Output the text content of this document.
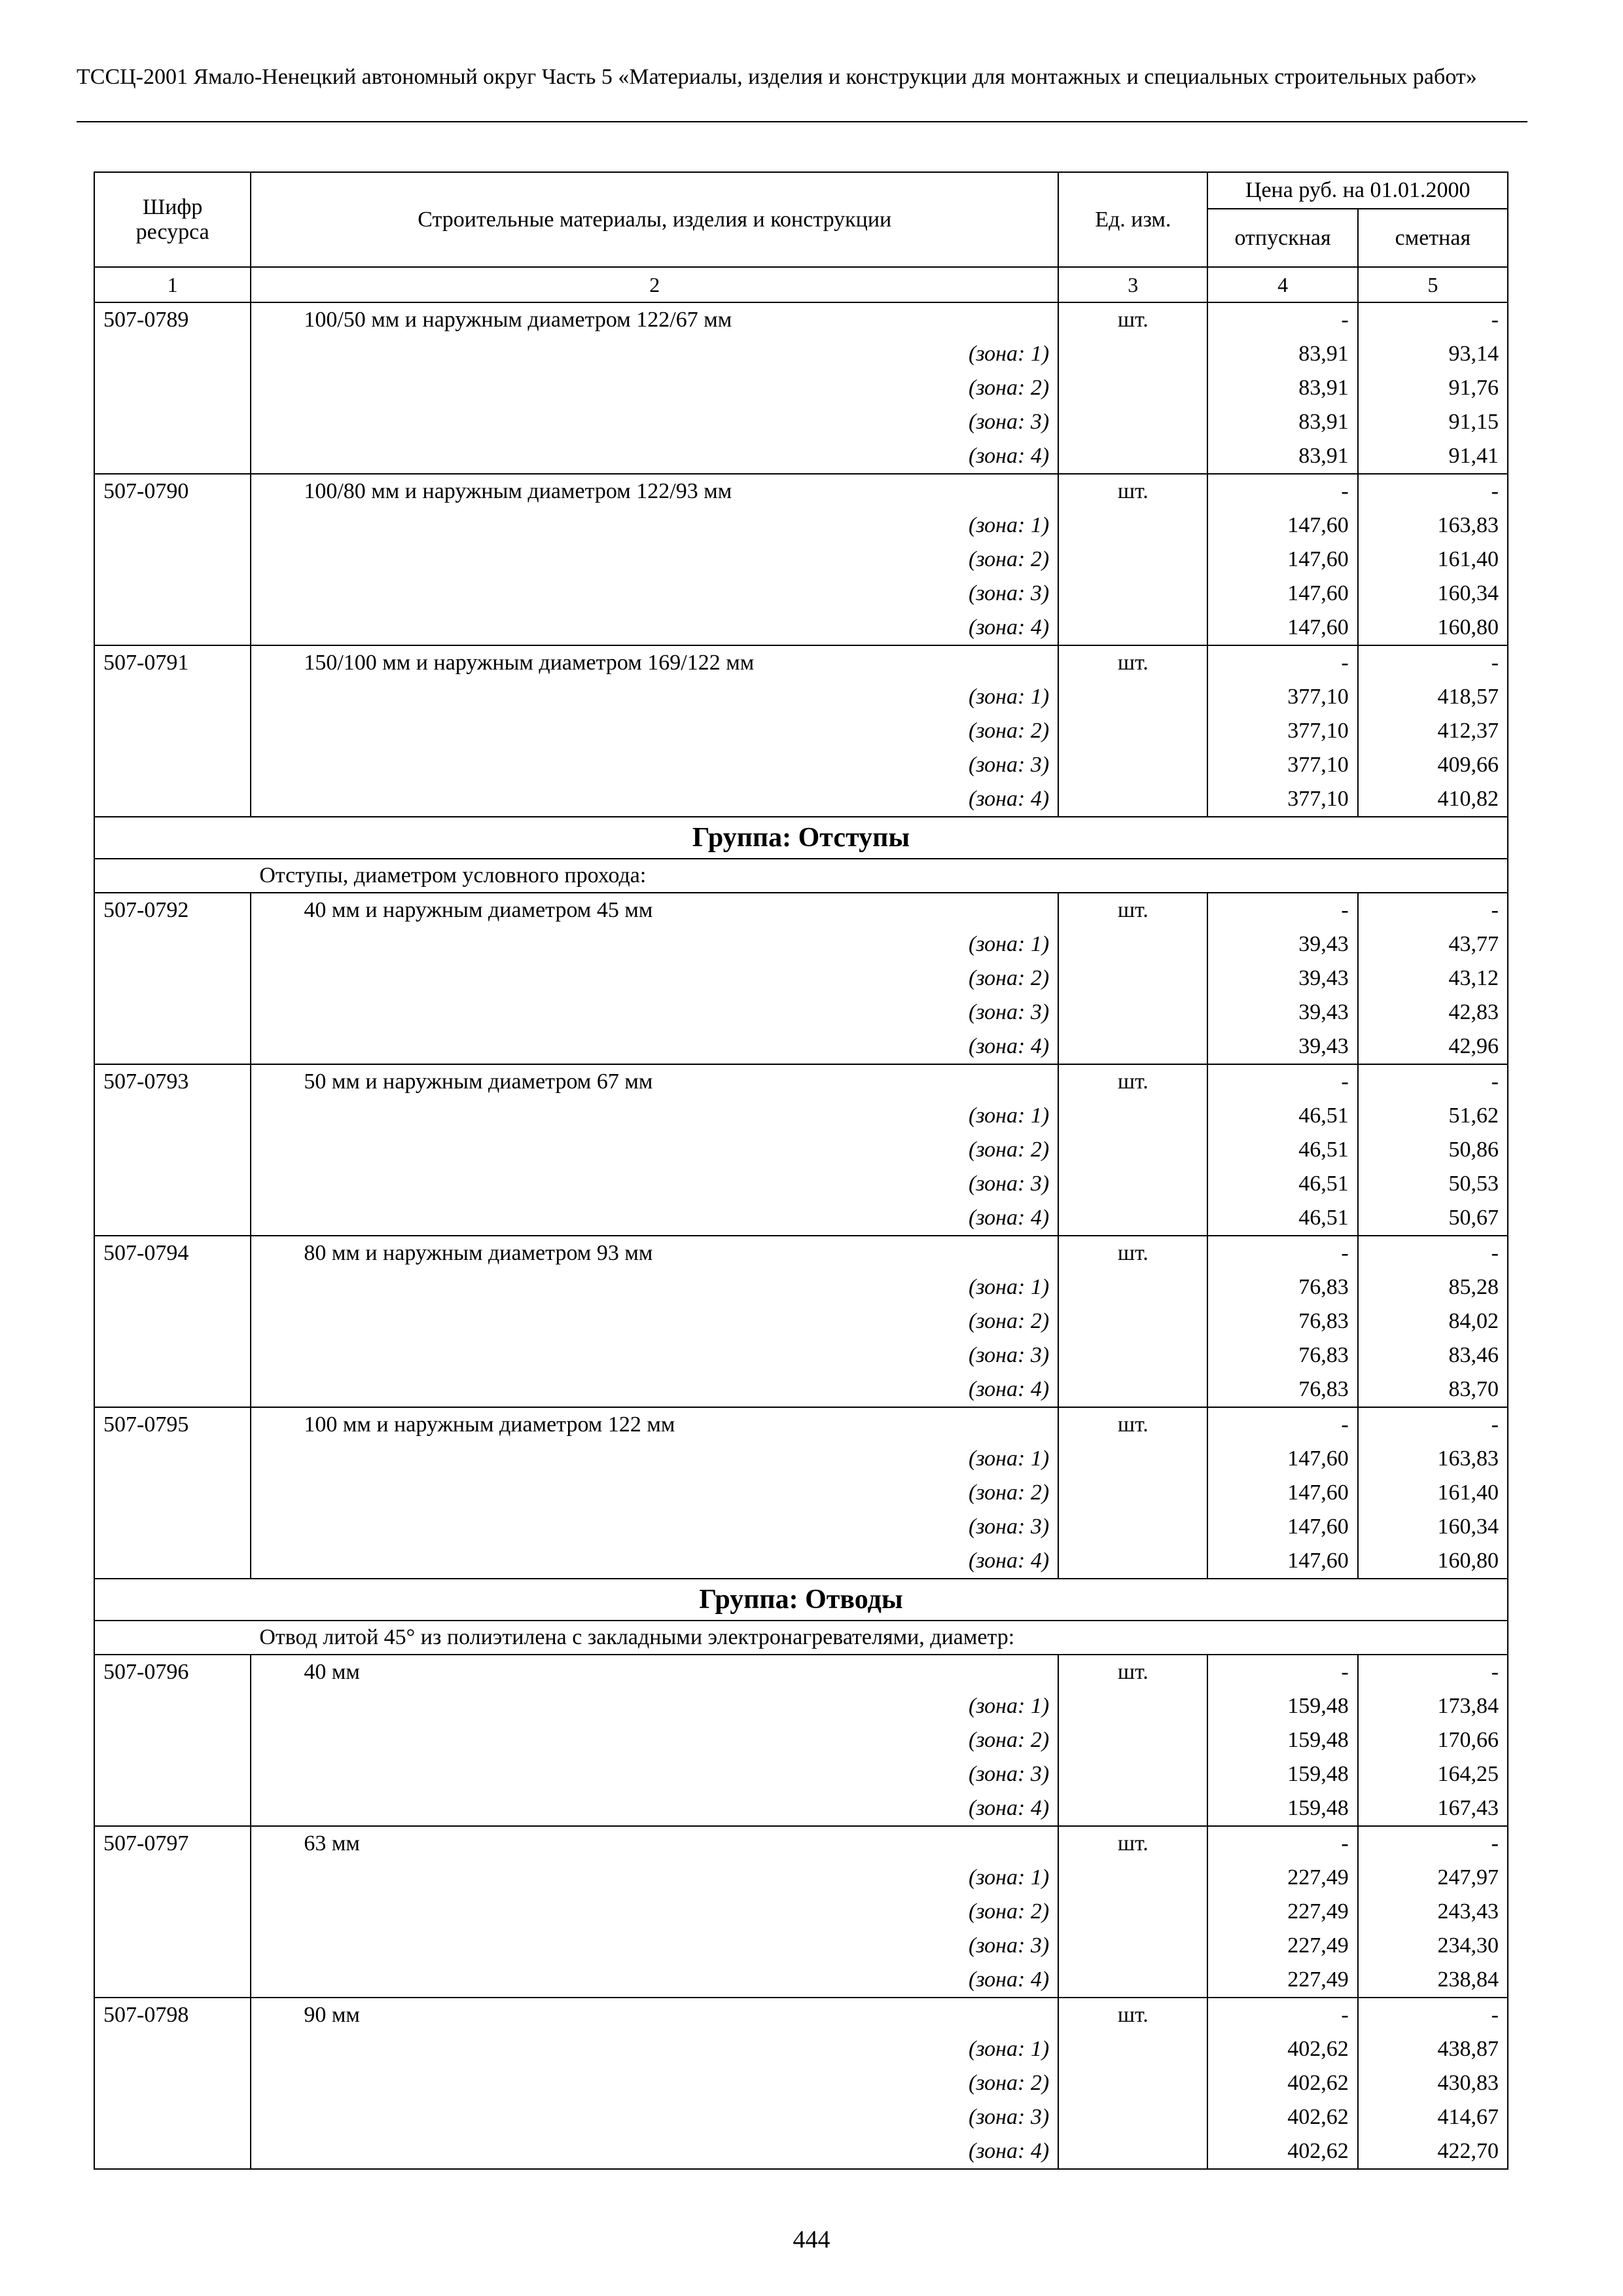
ТССЦ-2001 Ямало-Ненецкий автономный округ Часть 5 «Материалы, изделия и конструкции для монтажных и специальных строительных работ»
Шифр ресурса	Строительные материалы, изделия и конструкции	Ед. изм.	Цена руб. на 01.01.2000	
			отпускная	сметная
1	2	3	4	5
507-0789	100/50 мм и наружным диаметром 122/67 мм	шт.	-	-
	(зона: 1)		83,91	93,14
	(зона: 2)		83,91	91,76
	(зона: 3)		83,91	91,15
	(зона: 4)		83,91	91,41
507-0790	100/80 мм и наружным диаметром 122/93 мм	шт.	-	-
	(зона: 1)		147,60	163,83
	(зона: 2)		147,60	161,40
	(зона: 3)		147,60	160,34
	(зона: 4)		147,60	160,80
507-0791	150/100 мм и наружным диаметром 169/122 мм	шт.	-	-
	(зона: 1)		377,10	418,57
	(зона: 2)		377,10	412,37
	(зона: 3)		377,10	409,66
	(зона: 4)		377,10	410,82
Группа: Отступы				
	Отступы, диаметром условного прохода:			
507-0792	40 мм и наружным диаметром 45 мм	шт.	-	-
	(зона: 1)		39,43	43,77
	(зона: 2)		39,43	43,12
	(зона: 3)		39,43	42,83
	(зона: 4)		39,43	42,96
507-0793	50 мм и наружным диаметром 67 мм	шт.	-	-
	(зона: 1)		46,51	51,62
	(зона: 2)		46,51	50,86
	(зона: 3)		46,51	50,53
	(зона: 4)		46,51	50,67
507-0794	80 мм и наружным диаметром 93 мм	шт.	-	-
	(зона: 1)		76,83	85,28
	(зона: 2)		76,83	84,02
	(зона: 3)		76,83	83,46
	(зона: 4)		76,83	83,70
507-0795	100 мм и наружным диаметром 122 мм	шт.	-	-
	(зона: 1)		147,60	163,83
	(зона: 2)		147,60	161,40
	(зона: 3)		147,60	160,34
	(зона: 4)		147,60	160,80
Группа: Отводы				
	Отвод литой 45° из полиэтилена с закладными электронагревателями, диаметр:			
507-0796	40 мм	шт.	-	-
	(зона: 1)		159,48	173,84
	(зона: 2)		159,48	170,66
	(зона: 3)		159,48	164,25
	(зона: 4)		159,48	167,43
507-0797	63 мм	шт.	-	-
	(зона: 1)		227,49	247,97
	(зона: 2)		227,49	243,43
	(зона: 3)		227,49	234,30
	(зона: 4)		227,49	238,84
507-0798	90 мм	шт.	-	-
	(зона: 1)		402,62	438,87
	(зона: 2)		402,62	430,83
	(зона: 3)		402,62	414,67
	(зона: 4)		402,62	422,70
444
